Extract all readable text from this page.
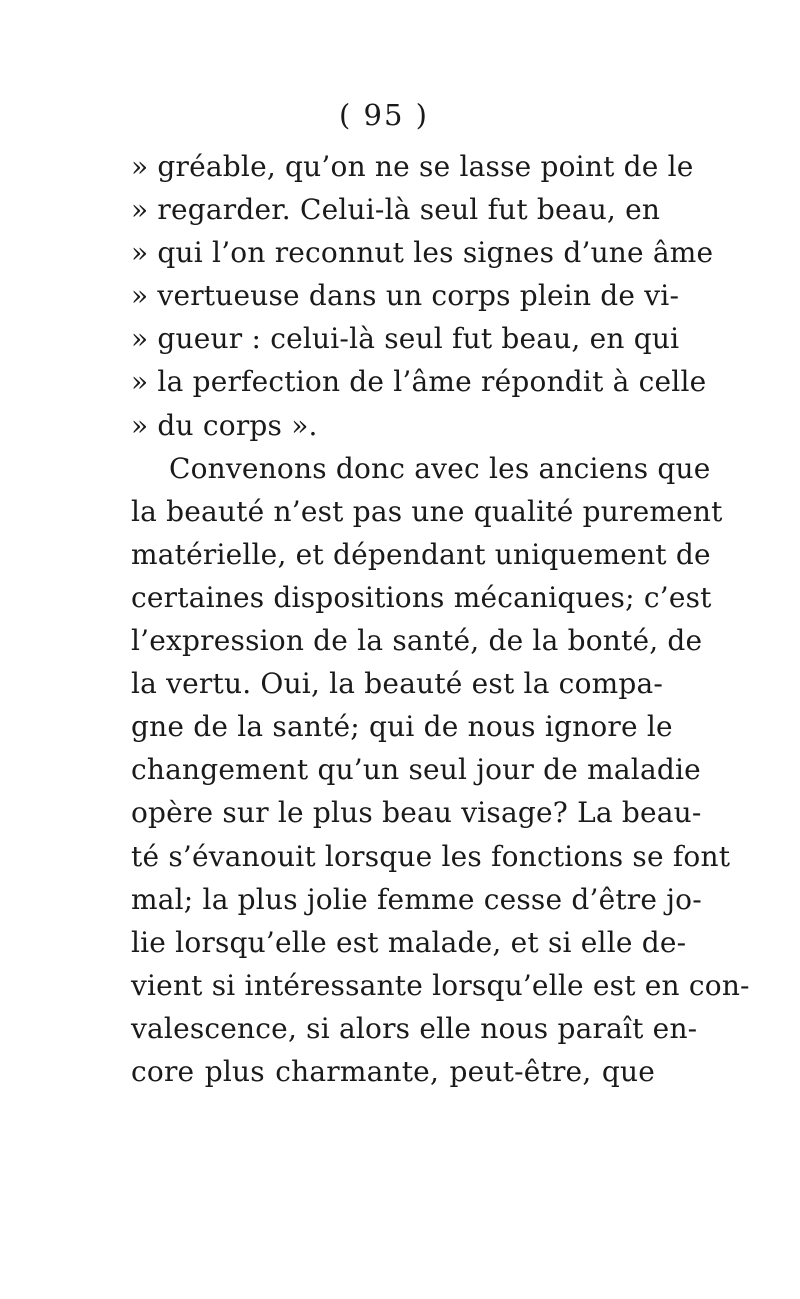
( 95 )
» gréable, qu’on ne se lasse point de le
» regarder. Celui-là seul fut beau, en
» qui l’on reconnut les signes d’une âme
» vertueuse dans un corps plein de vi-
» gueur : celui-là seul fut beau, en qui
» la perfection de l’âme répondit à celle
» du corps ».
Convenons donc avec les anciens que
la beauté n’est pas une qualité purement
matérielle, et dépendant uniquement de
certaines dispositions mécaniques; c’est
l’expression de la santé, de la bonté, de
la vertu. Oui, la beauté est la compa-
gne de la santé; qui de nous ignore le
changement qu’un seul jour de maladie
opère sur le plus beau visage? La beau-
té s’évanouit lorsque les fonctions se font
mal; la plus jolie femme cesse d’être jo-
lie lorsqu’elle est malade, et si elle de-
vient si intéressante lorsqu’elle est en con-
valescence, si alors elle nous paraît en-
core plus charmante, peut-être, que
